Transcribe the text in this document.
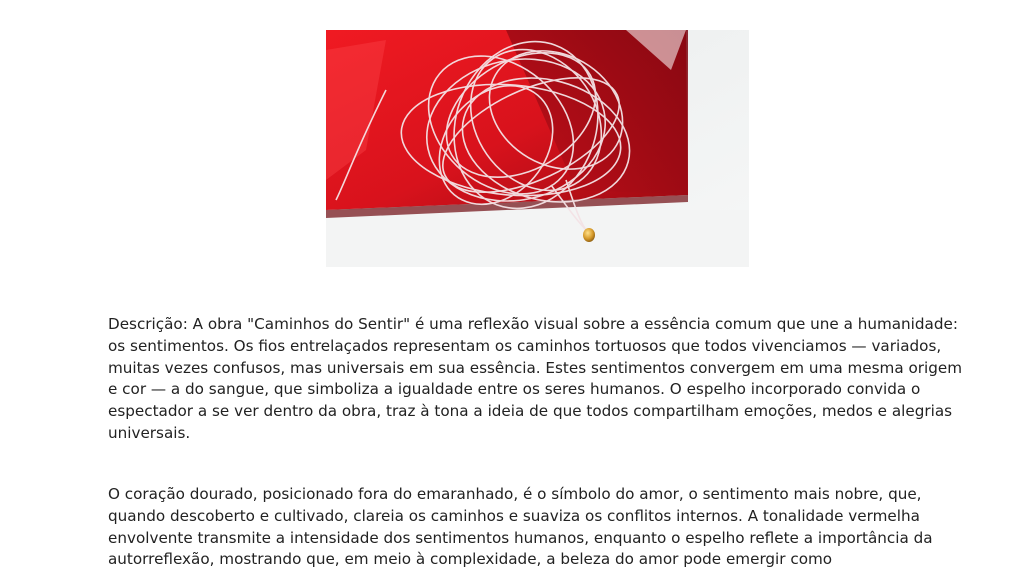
Descrição: A obra "Caminhos do Sentir" é uma reflexão visual sobre a essência comum que une a humanidade: os sentimentos. Os fios entrelaçados representam os caminhos tortuosos que todos vivenciamos — variados, muitas vezes confusos, mas universais em sua essência. Estes sentimentos convergem em uma mesma origem e cor — a do sangue, que simboliza a igualdade entre os seres humanos. O espelho incorporado convida o espectador a se ver dentro da obra, traz à tona a ideia de que todos compartilham emoções, medos e alegrias universais.

O coração dourado, posicionado fora do emaranhado, é o símbolo do amor, o sentimento mais nobre, que, quando descoberto e cultivado, clareia os caminhos e suaviza os conflitos internos. A tonalidade vermelha envolvente transmite a intensidade dos sentimentos humanos, enquanto o espelho reflete a importância da autorreflexão, mostrando que, em meio à complexidade, a beleza do amor pode emergir como
